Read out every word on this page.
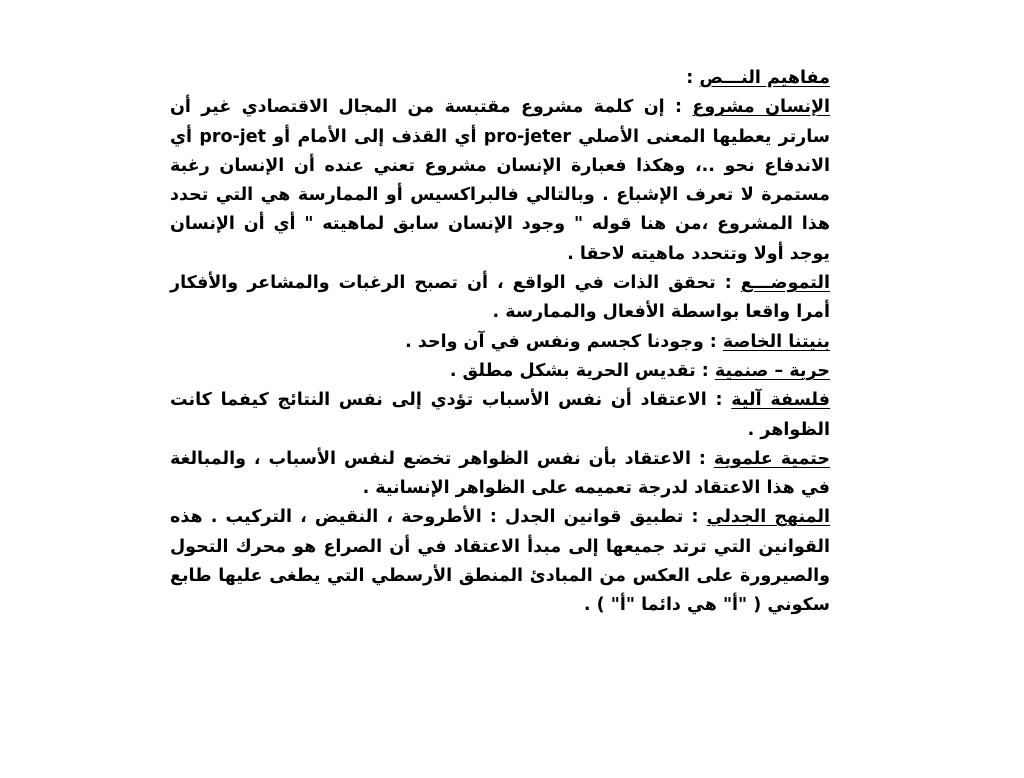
مفاهيم النـــص :

الإنسان مشروع : إن كلمة مشروع مقتبسة من المجال الاقتصادي غير أن سارتر يعطيها المعنى الأصلي pro-jeter أي القذف إلى الأمام أو pro-jet أي الاندفاع نحو ..، وهكذا فعبارة الإنسان مشروع تعني عنده أن الإنسان رغبة مستمرة لا تعرف الإشباع . وبالتالي فالبراكسيس أو الممارسة هي التي تحدد هذا المشروع ،من هنا قوله " وجود الإنسان سابق لماهيته " أي أن الإنسان يوجد أولا وتتحدد ماهيته لاحقا .

التموضـــع : تحقق الذات في الواقع ، أن تصبح الرغبات والمشاعر والأفكار أمرا واقعا بواسطة الأفعال والممارسة .

بنيتنا الخاصة : وجودنا كجسم ونفس في آن واحد .

حرية – صنمية : تقديس الحرية بشكل مطلق .

فلسفة آلية : الاعتقاد أن نفس الأسباب تؤدي إلى نفس النتائج كيفما كانت الظواهر .

حتمية علموية : الاعتقاد بأن نفس الظواهر تخضع لنفس الأسباب ، والمبالغة في هذا الاعتقاد لدرجة تعميمه على الظواهر الإنسانية .

المنهج الجدلي : تطبيق قوانين الجدل : الأطروحة ، النقيض ، التركيب . هذه القوانين التي ترتد جميعها إلى مبدأ الاعتقاد في أن الصراع هو محرك التحول والصيرورة على العكس من المبادئ المنطق الأرسطي التي يطغى عليها طابع سكوني ( "أ" هي دائما "أ" ) .
